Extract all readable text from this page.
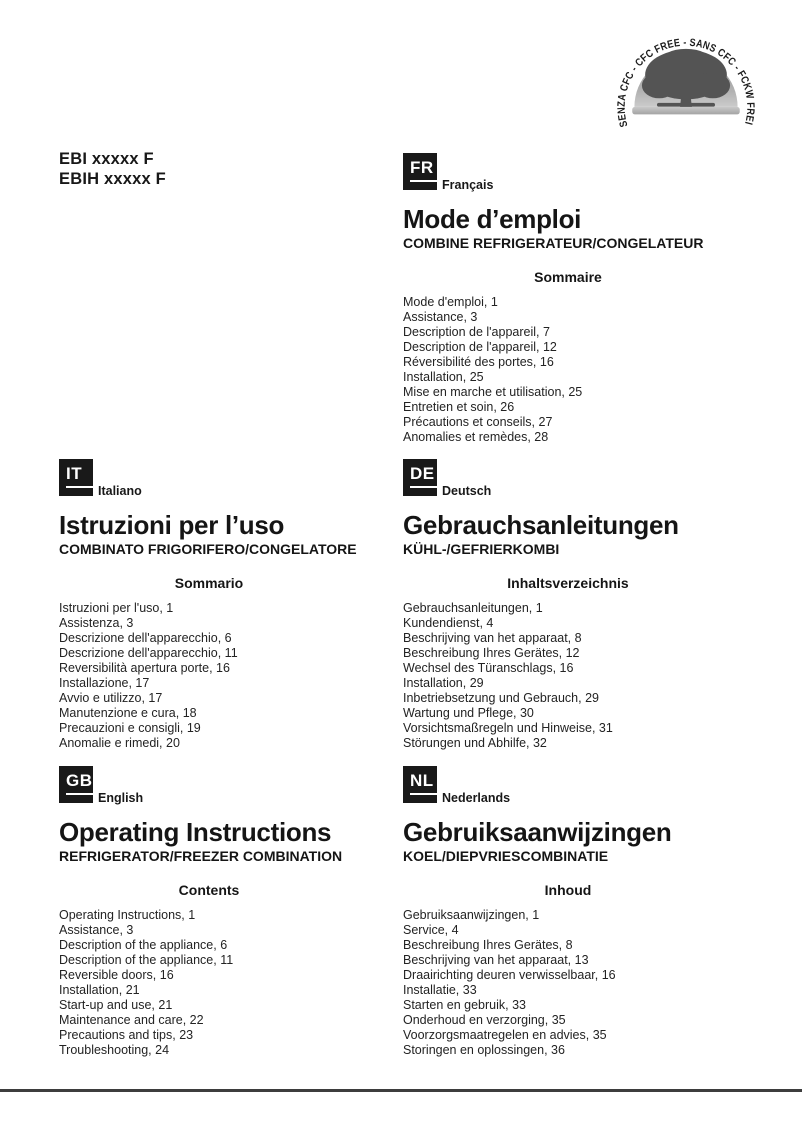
SENZA CFC - CFC FREE - SANS CFC - FCKW FREI
EBI xxxxx F
EBIH xxxxx F
FR
Français
Mode d’emploi
COMBINE REFRIGERATEUR/CONGELATEUR
Sommaire
Mode d'emploi, 1
Assistance, 3
Description de l'appareil, 7
Description de l'appareil, 12
Réversibilité des portes, 16
Installation, 25
Mise en marche et utilisation, 25
Entretien et soin, 26
Précautions et conseils, 27
Anomalies et remèdes, 28
IT
Italiano
Istruzioni per l’uso
COMBINATO FRIGORIFERO/CONGELATORE
Sommario
Istruzioni per l'uso, 1
Assistenza, 3
Descrizione dell'apparecchio, 6
Descrizione dell'apparecchio, 11
Reversibilità apertura porte, 16
Installazione, 17
Avvio e utilizzo, 17
Manutenzione e cura, 18
Precauzioni e consigli, 19
Anomalie e rimedi, 20
DE
Deutsch
Gebrauchsanleitungen
KÜHL-/GEFRIERKOMBI
Inhaltsverzeichnis
Gebrauchsanleitungen, 1
Kundendienst, 4
Beschrijving van het apparaat, 8
Beschreibung Ihres Gerätes, 12
Wechsel des Türanschlags, 16
Installation, 29
Inbetriebsetzung und Gebrauch, 29
Wartung und Pflege, 30
Vorsichtsmaßregeln und Hinweise, 31
Störungen und Abhilfe, 32
GB
English
Operating Instructions
REFRIGERATOR/FREEZER COMBINATION
Contents
Operating Instructions, 1
Assistance, 3
Description of the appliance, 6
Description of the appliance, 11
Reversible doors, 16
Installation, 21
Start-up and use, 21
Maintenance and care, 22
Precautions and tips, 23
Troubleshooting, 24
NL
Nederlands
Gebruiksaanwijzingen
KOEL/DIEPVRIESCOMBINATIE
Inhoud
Gebruiksaanwijzingen, 1
Service, 4
Beschreibung Ihres Gerätes, 8
Beschrijving van het apparaat, 13
Draairichting deuren verwisselbaar, 16
Installatie, 33
Starten en gebruik, 33
Onderhoud en verzorging, 35
Voorzorgsmaatregelen en advies, 35
Storingen en oplossingen, 36
